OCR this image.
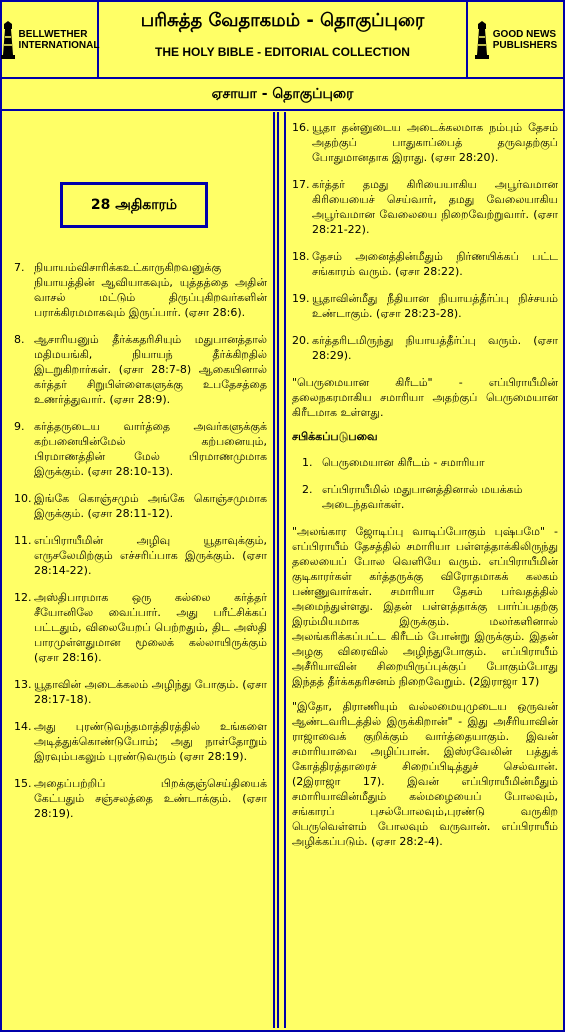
BELLWETHER
INTERNATIONAL
பரிசுத்த வேதாகமம் - தொகுப்புரை
THE HOLY BIBLE - EDITORIAL COLLECTION
GOOD NEWS
PUBLISHERS
ஏசாயா - தொகுப்புரை
28 அதிகாரம்
7. நியாயம்விசாரிக்கஉட்காருகிறவனுக்கு நியாயத்தின் ஆவியாகவும், யுத்தத்தை அதின் வாசல் மட்டும் திருப்புகிறவர்களின் பராக்கிரமமாகவும் இருப்பார். (ஏசா 28:6).
8. ஆசாரியனும் தீர்க்கதரிசியும் மதுபானத்தால் மதிமயங்கி, நியாயந் தீர்க்கிறதில் இடறுகிறார்கள். (ஏசா 28:7-8) ஆகையினால் கர்த்தர் சிறுபிள்ளைகளுக்கு உபதேசத்தை உணர்த்துவார். (ஏசா 28:9).
9. கர்த்தருடைய வார்த்தை அவர்களுக்குக் கற்பனையின்மேல் கற்பனையும், பிரமாணத்தின் மேல் பிரமாணமுமாக இருக்கும். (ஏசா 28:10-13).
10. இங்கே கொஞ்சமும் அங்கே கொஞ்சமுமாக இருக்கும். (ஏசா 28:11-12).
11. எப்பிராயீமின் அழிவு யூதாவுக்கும், எருசலேமிற்கும் எச்சரிப்பாக இருக்கும். (ஏசா 28:14-22).
12. அஸ்திபாரமாக ஒரு கல்லை கர்த்தர் சீயோனிலே வைப்பார். அது பரீட்சிக்கப் பட்டதும், விலையேறப் பெற்றதும், திட அஸ்தி பாரமுள்ளதுமான மூலைக் கல்லாயிருக்கும் (ஏசா 28:16).
13. யூதாவின் அடைக்கலம் அழிந்து போகும். (ஏசா 28:17-18).
14. அது புரண்டுவந்தமாத்திரத்தில் உங்களை அடித்துக்கொண்டுபோம்; அது நாள்தோறும் இரவும்பகலும் புரண்டுவரும் (ஏசா 28:19).
15. அதைப்பற்றிப் பிறக்குஞ்செய்தியைக் கேட்பதும் சஞ்சலத்தை உண்டாக்கும். (ஏசா 28:19).
16. யூதா தன்னுடைய அடைக்கலமாக நம்பும் தேசம் அதற்குப் பாதுகாப்பைத் தருவதற்குப் போதுமானதாக இராது. (ஏசா 28:20).
17. கர்த்தர் தமது கிரியையாகிய அபூர்வமான கிரியையைச் செய்வார், தமது வேலையாகிய அபூர்வமான வேலையை நிறைவேற்றுவார். (ஏசா 28:21-22).
18. தேசம் அனைத்தின்மீதும் நிர்ணயிக்கப் பட்ட சங்காரம் வரும். (ஏசா 28:22).
19. யூதாவின்மீது நீதியான நியாயத்தீர்ப்பு நிச்சயம் உண்டாகும். (ஏசா 28:23-28).
20. கர்த்தரிடமிருந்து நியாயத்தீர்ப்பு வரும். (ஏசா 28:29).

"பெருமையான கிரீடம்" - எப்பிராயீமின் தலைநகரமாகிய சமாரியா அதற்குப் பெருமையான கிரீடமாக உள்ளது.

சபிக்கப்படுபவை
1. பெருமையான கிரீடம் - சமாரியா
2. எப்பிராயீமில் மதுபானத்தினால் மயக்கம் அடைந்தவர்கள்.

"அலங்கார ஜோடிப்பு வாடிப்போகும் புஷ்பமே" - எப்பிராயீம் தேசத்தில் சமாரியா பள்ளத்தாக்கிலிருந்து தலையைப் போல வெளியே வரும். எப்பிராயீமின் குடிகாரர்கள் கர்த்தருக்கு விரோதமாகக் கலகம் பண்ணுவார்கள். சமாரியா தேசம் பர்வதத்தில் அமைந்துள்ளது. இதன் பள்ளத்தாக்கு பார்ப்பதற்கு இரம்மியமாக இருக்கும். மலர்களினால் அலங்கரிக்கப்பட்ட கிரீடம் போன்று இருக்கும். இதன் அழகு விரைவில் அழிந்துபோகும். எப்பிராயீம் அசீரியாவின் சிறையிருப்புக்குப் போகும்போது இந்தத் தீர்க்கதரிசனம் நிறைவேறும். (2இராஜா 17)

"இதோ, திராணியும் வல்லமையுமுடைய ஒருவன் ஆண்டவரிடத்தில் இருக்கிறான்" - இது அசீரியாவின் ராஜாவைக் குறிக்கும் வார்த்தையாகும். இவன் சமாரியாவை அழிப்பான். இஸ்ரவேலின் பத்துக் கோத்திரத்தாரைச் சிறைப்பிடித்துச் செல்வான். (2இராஜா 17). இவன் எப்பிராயீமின்மீதும் சமாரியாவின்மீதும் கல்மழையைப் போலவும், சங்காரப் புசல்போலவும்,புரண்டு வருகிற பெருவெள்ளம் போலவும் வருவான். எப்பிராயீம் அழிக்கப்படும். (ஏசா 28:2-4).
